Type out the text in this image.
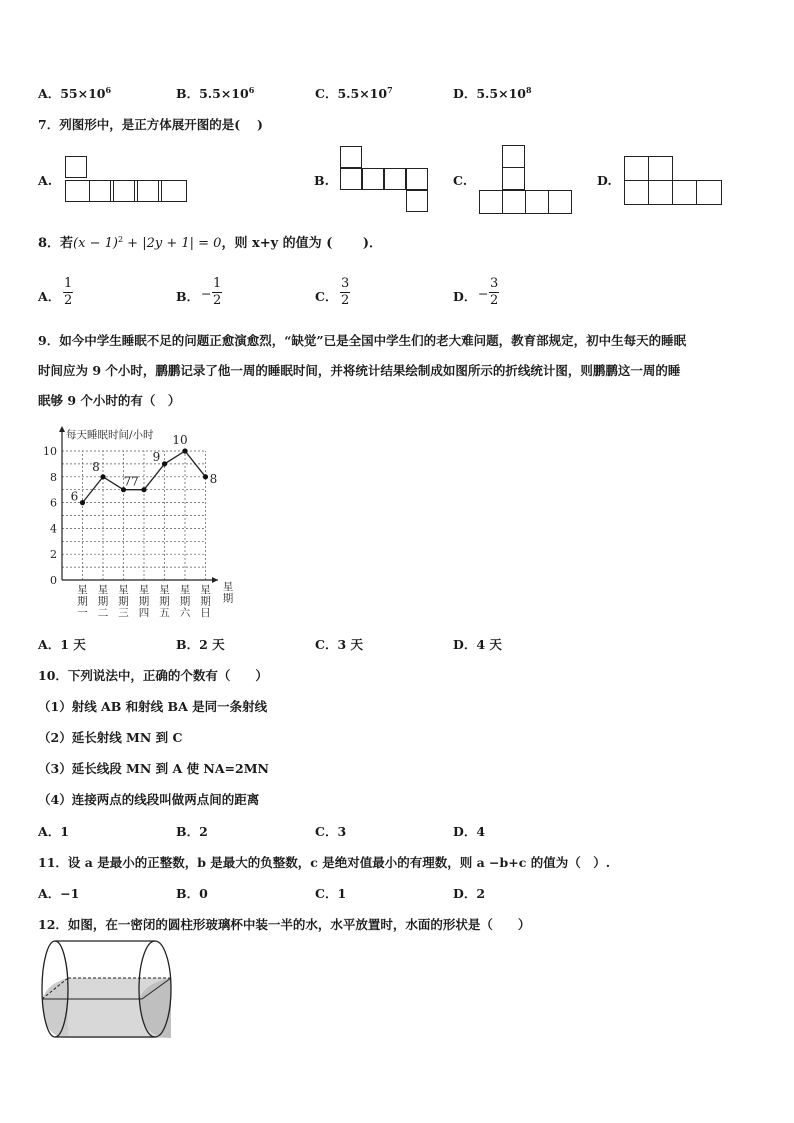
A．$55\times 10^6$	B．$5.5\times 10^6$	C．$5.5\times 10^7$	D．$5.5\times 10^8$
7．列图形中，是正方体展开图的是(　 )
A.	B.	C.	D.
8．若$(x - 1)^2 + |2y + 1| = 0$，则 x+y 的值为 (　 　)．
A． $\frac{1}{2}$	B． − $\frac{1}{2}$	C． $\frac{3}{2}$	D． − $\frac{3}{2}$
9．如今中学生睡眠不足的问题正愈演愈烈，“缺觉”已是全国中学生们的老大难问题，教育部规定，初中生每天的睡眠
时间应为 9 个小时，鹏鹏记录了他一周的睡眠时间，并将统计结果绘制成如图所示的折线统计图，则鹏鹏这一周的睡
眠够 9 个小时的有（　）
每天睡眠时间/小时
0
2
4
6
8
10
星期一
星期二
星期三
星期四
星期五
星期六
星期日
星期
6
8
7 7
9
10
8
A．1 天	B．2 天	C．3 天	D．4 天
10．下列说法中，正确的个数有（　　）
（1）射线 AB 和射线 BA 是同一条射线
（2）延长射线 MN 到 C
（3）延长线段 MN 到 A 使 NA=2MN
（4）连接两点的线段叫做两点间的距离
A．1	B．2	C．3	D．4
11．设 a 是最小的正整数，b 是最大的负整数，c 是绝对值最小的有理数，则 a −b+c 的值为（　）.
A．−1	B．0	C．1	D．2
12．如图，在一密闭的圆柱形玻璃杯中装一半的水，水平放置时，水面的形状是（　　）
